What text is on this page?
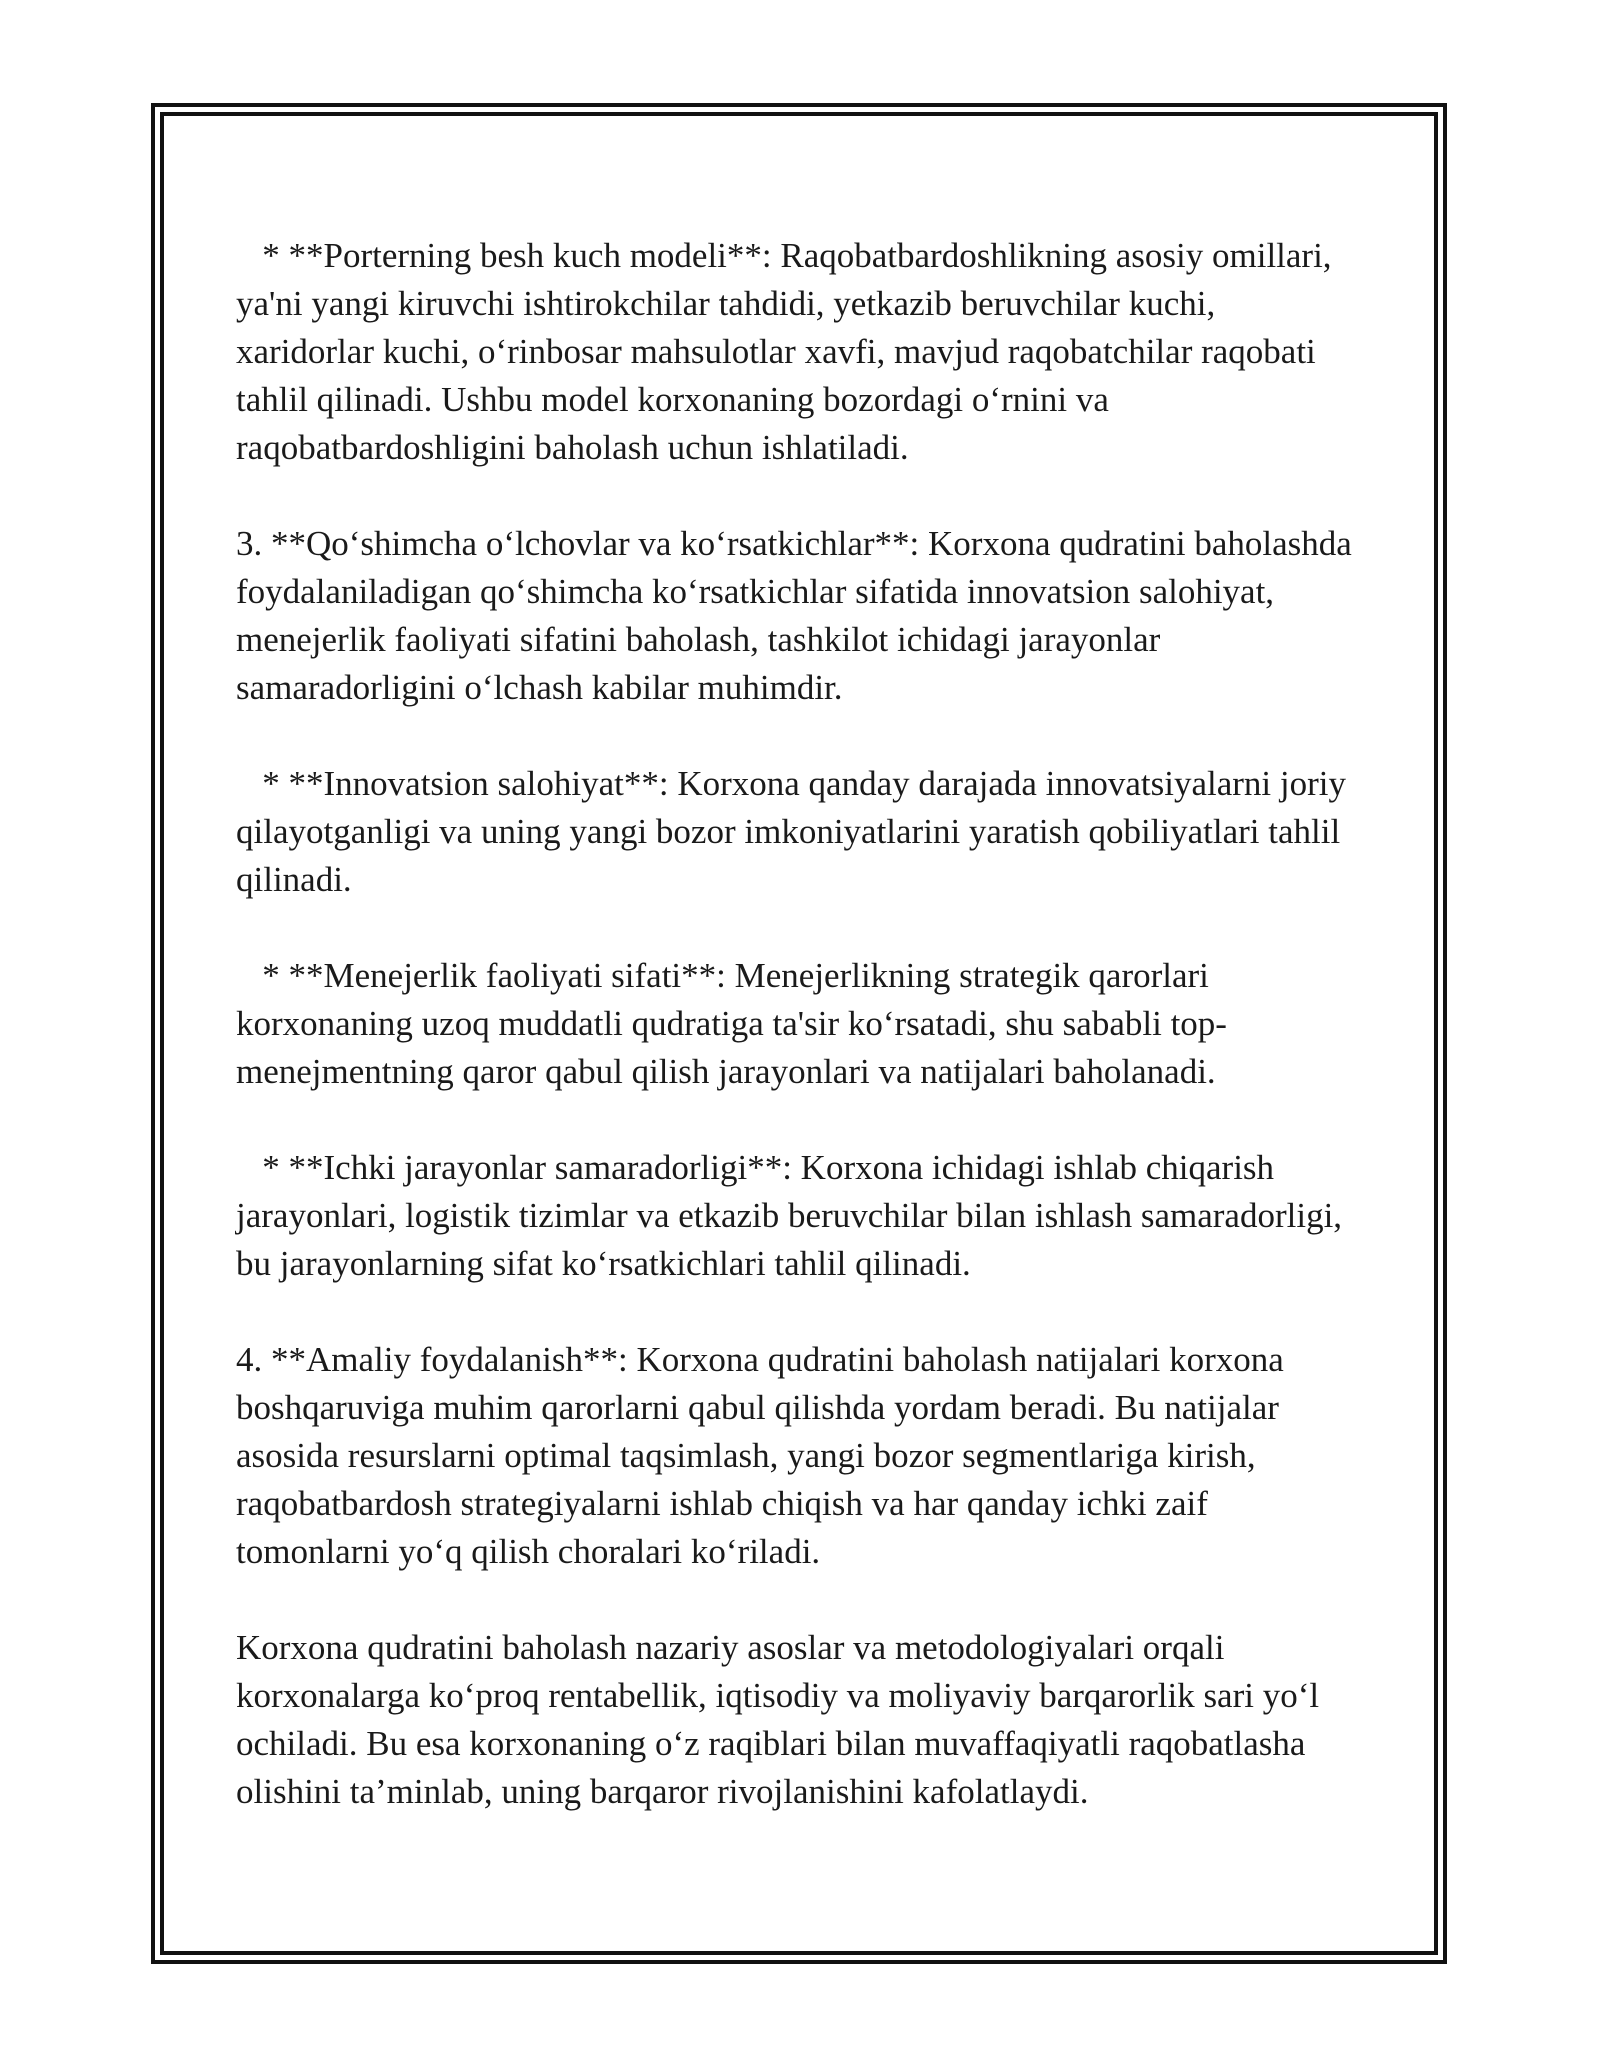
* **Porterning besh kuch modeli**: Raqobatbardoshlikning asosiy omillari, ya'ni yangi kiruvchi ishtirokchilar tahdidi, yetkazib beruvchilar kuchi, xaridorlar kuchi, o‘rinbosar mahsulotlar xavfi, mavjud raqobatchilar raqobati tahlil qilinadi. Ushbu model korxonaning bozordagi o‘rnini va raqobatbardoshligini baholash uchun ishlatiladi.

3. **Qo‘shimcha o‘lchovlar va ko‘rsatkichlar**: Korxona qudratini baholashda foydalaniladigan qo‘shimcha ko‘rsatkichlar sifatida innovatsion salohiyat, menejerlik faoliyati sifatini baholash, tashkilot ichidagi jarayonlar samaradorligini o‘lchash kabilar muhimdir.

* **Innovatsion salohiyat**: Korxona qanday darajada innovatsiyalarni joriy qilayotganligi va uning yangi bozor imkoniyatlarini yaratish qobiliyatlari tahlil qilinadi.

* **Menejerlik faoliyati sifati**: Menejerlikning strategik qarorlari korxonaning uzoq muddatli qudratiga ta'sir ko‘rsatadi, shu sababli top-menejmentning qaror qabul qilish jarayonlari va natijalari baholanadi.

* **Ichki jarayonlar samaradorligi**: Korxona ichidagi ishlab chiqarish jarayonlari, logistik tizimlar va etkazib beruvchilar bilan ishlash samaradorligi, bu jarayonlarning sifat ko‘rsatkichlari tahlil qilinadi.

4. **Amaliy foydalanish**: Korxona qudratini baholash natijalari korxona boshqaruviga muhim qarorlarni qabul qilishda yordam beradi. Bu natijalar asosida resurslarni optimal taqsimlash, yangi bozor segmentlariga kirish, raqobatbardosh strategiyalarni ishlab chiqish va har qanday ichki zaif tomonlarni yo‘q qilish choralari ko‘riladi.

Korxona qudratini baholash nazariy asoslar va metodologiyalari orqali korxonalarga ko‘proq rentabellik, iqtisodiy va moliyaviy barqarorlik sari yo‘l ochiladi. Bu esa korxonaning o‘z raqiblari bilan muvaffaqiyatli raqobatlasha olishini ta’minlab, uning barqaror rivojlanishini kafolatlaydi.
